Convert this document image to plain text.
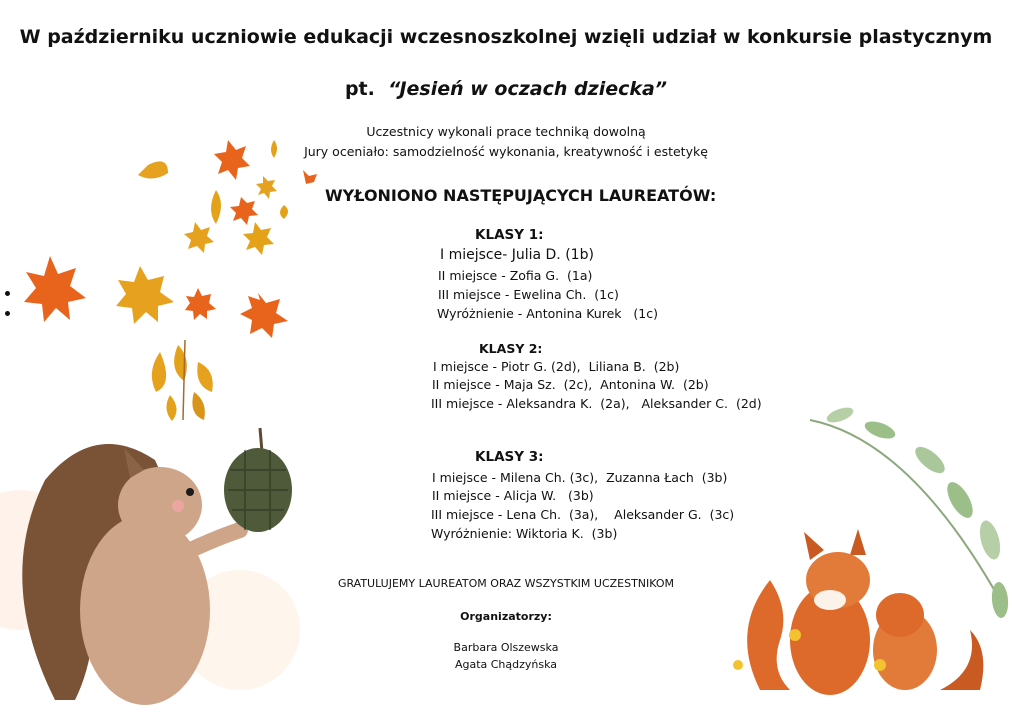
W październiku uczniowie edukacji wczesnoszkolnej wzięli udział w konkursie plastycznym
pt. “Jesień w oczach dziecka”
Uczestnicy wykonali prace techniką dowolną
Jury oceniało: samodzielność wykonania, kreatywność i estetykę
WYŁONIONO NASTĘPUJĄCYCH LAUREATÓW:
KLASY 1:
I miejsce- Julia D. (1b)
II miejsce - Zofia G.  (1a)
III miejsce - Ewelina Ch.  (1c)
Wyróżnienie - Antonina Kurek   (1c)
KLASY 2:
I miejsce - Piotr G. (2d),  Liliana B.  (2b)
II miejsce - Maja Sz.  (2c),  Antonina W.  (2b)
III miejsce - Aleksandra K.  (2a),   Aleksander C.  (2d)
KLASY 3:
I miejsce - Milena Ch. (3c),  Zuzanna Łach  (3b)
II miejsce - Alicja W.   (3b)
III miejsce - Lena Ch.  (3a),    Aleksander G.  (3c)
Wyróżnienie: Wiktoria K.  (3b)
GRATULUJEMY LAUREATOM ORAZ WSZYSTKIM UCZESTNIKOM
Organizatorzy:
Barbara Olszewska
Agata Chądzyńska
